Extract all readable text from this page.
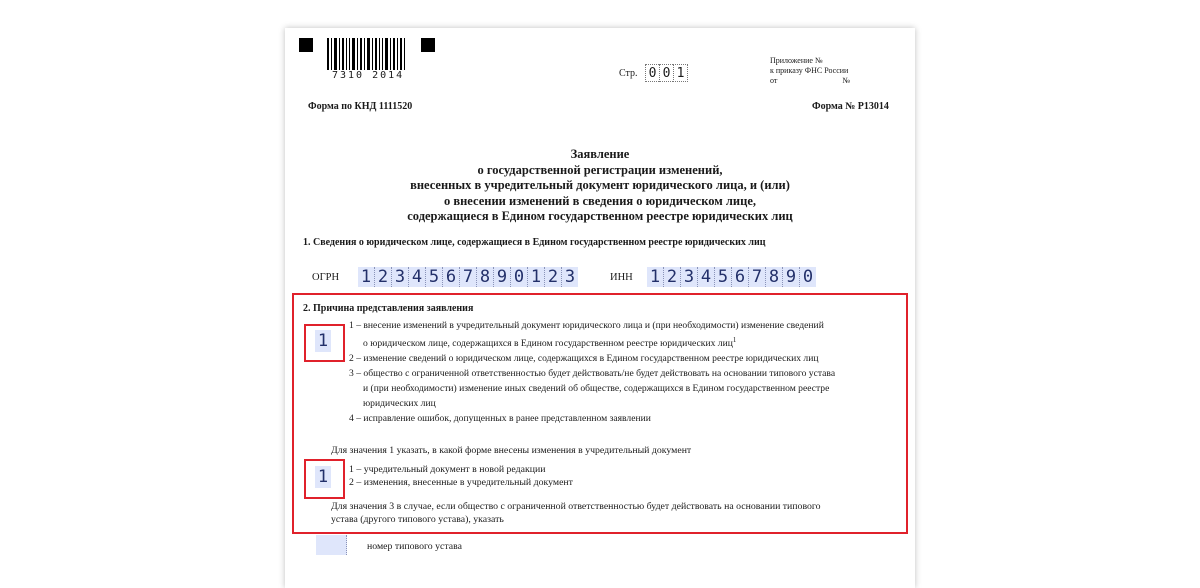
7310 2014	Стр. 0 0 1
Приложение №
к приказу ФНС России
от	№
Форма по КНД 1111520	Форма № Р13014
Заявление
о государственной регистрации изменений,
внесенных в учредительный документ юридического лица, и (или)
о внесении изменений в сведения о юридическом лице,
содержащиеся в Едином государственном реестре юридических лиц
1. Сведения о юридическом лице, содержащиеся в Едином государственном реестре юридических лиц
ОГРН 1 2 3 4 5 6 7 8 9 0 1 2 3	ИНН 1 2 3 4 5 6 7 8 9 0
2. Причина представления заявления
1
1 – внесение изменений в учредительный документ юридического лица и (при необходимости) изменение сведений
о юридическом лице, содержащихся в Едином государственном реестре юридических лиц$^1$
2 – изменение сведений о юридическом лице, содержащихся в Едином государственном реестре юридических лиц
3 – общество с ограниченной ответственностью будет действовать/не будет действовать на основании типового устава
и (при необходимости) изменение иных сведений об обществе, содержащихся в Едином государственном реестре
юридических лиц
4 – исправление ошибок, допущенных в ранее представленном заявлении
Для значения 1 указать, в какой форме внесены изменения в учредительный документ
1 1 – учредительный документ в новой редакции
2 – изменения, внесенные в учредительный документ
Для значения 3 в случае, если общество с ограниченной ответственностью будет действовать на основании типового
устава (другого типового устава), указать
номер типового устава
